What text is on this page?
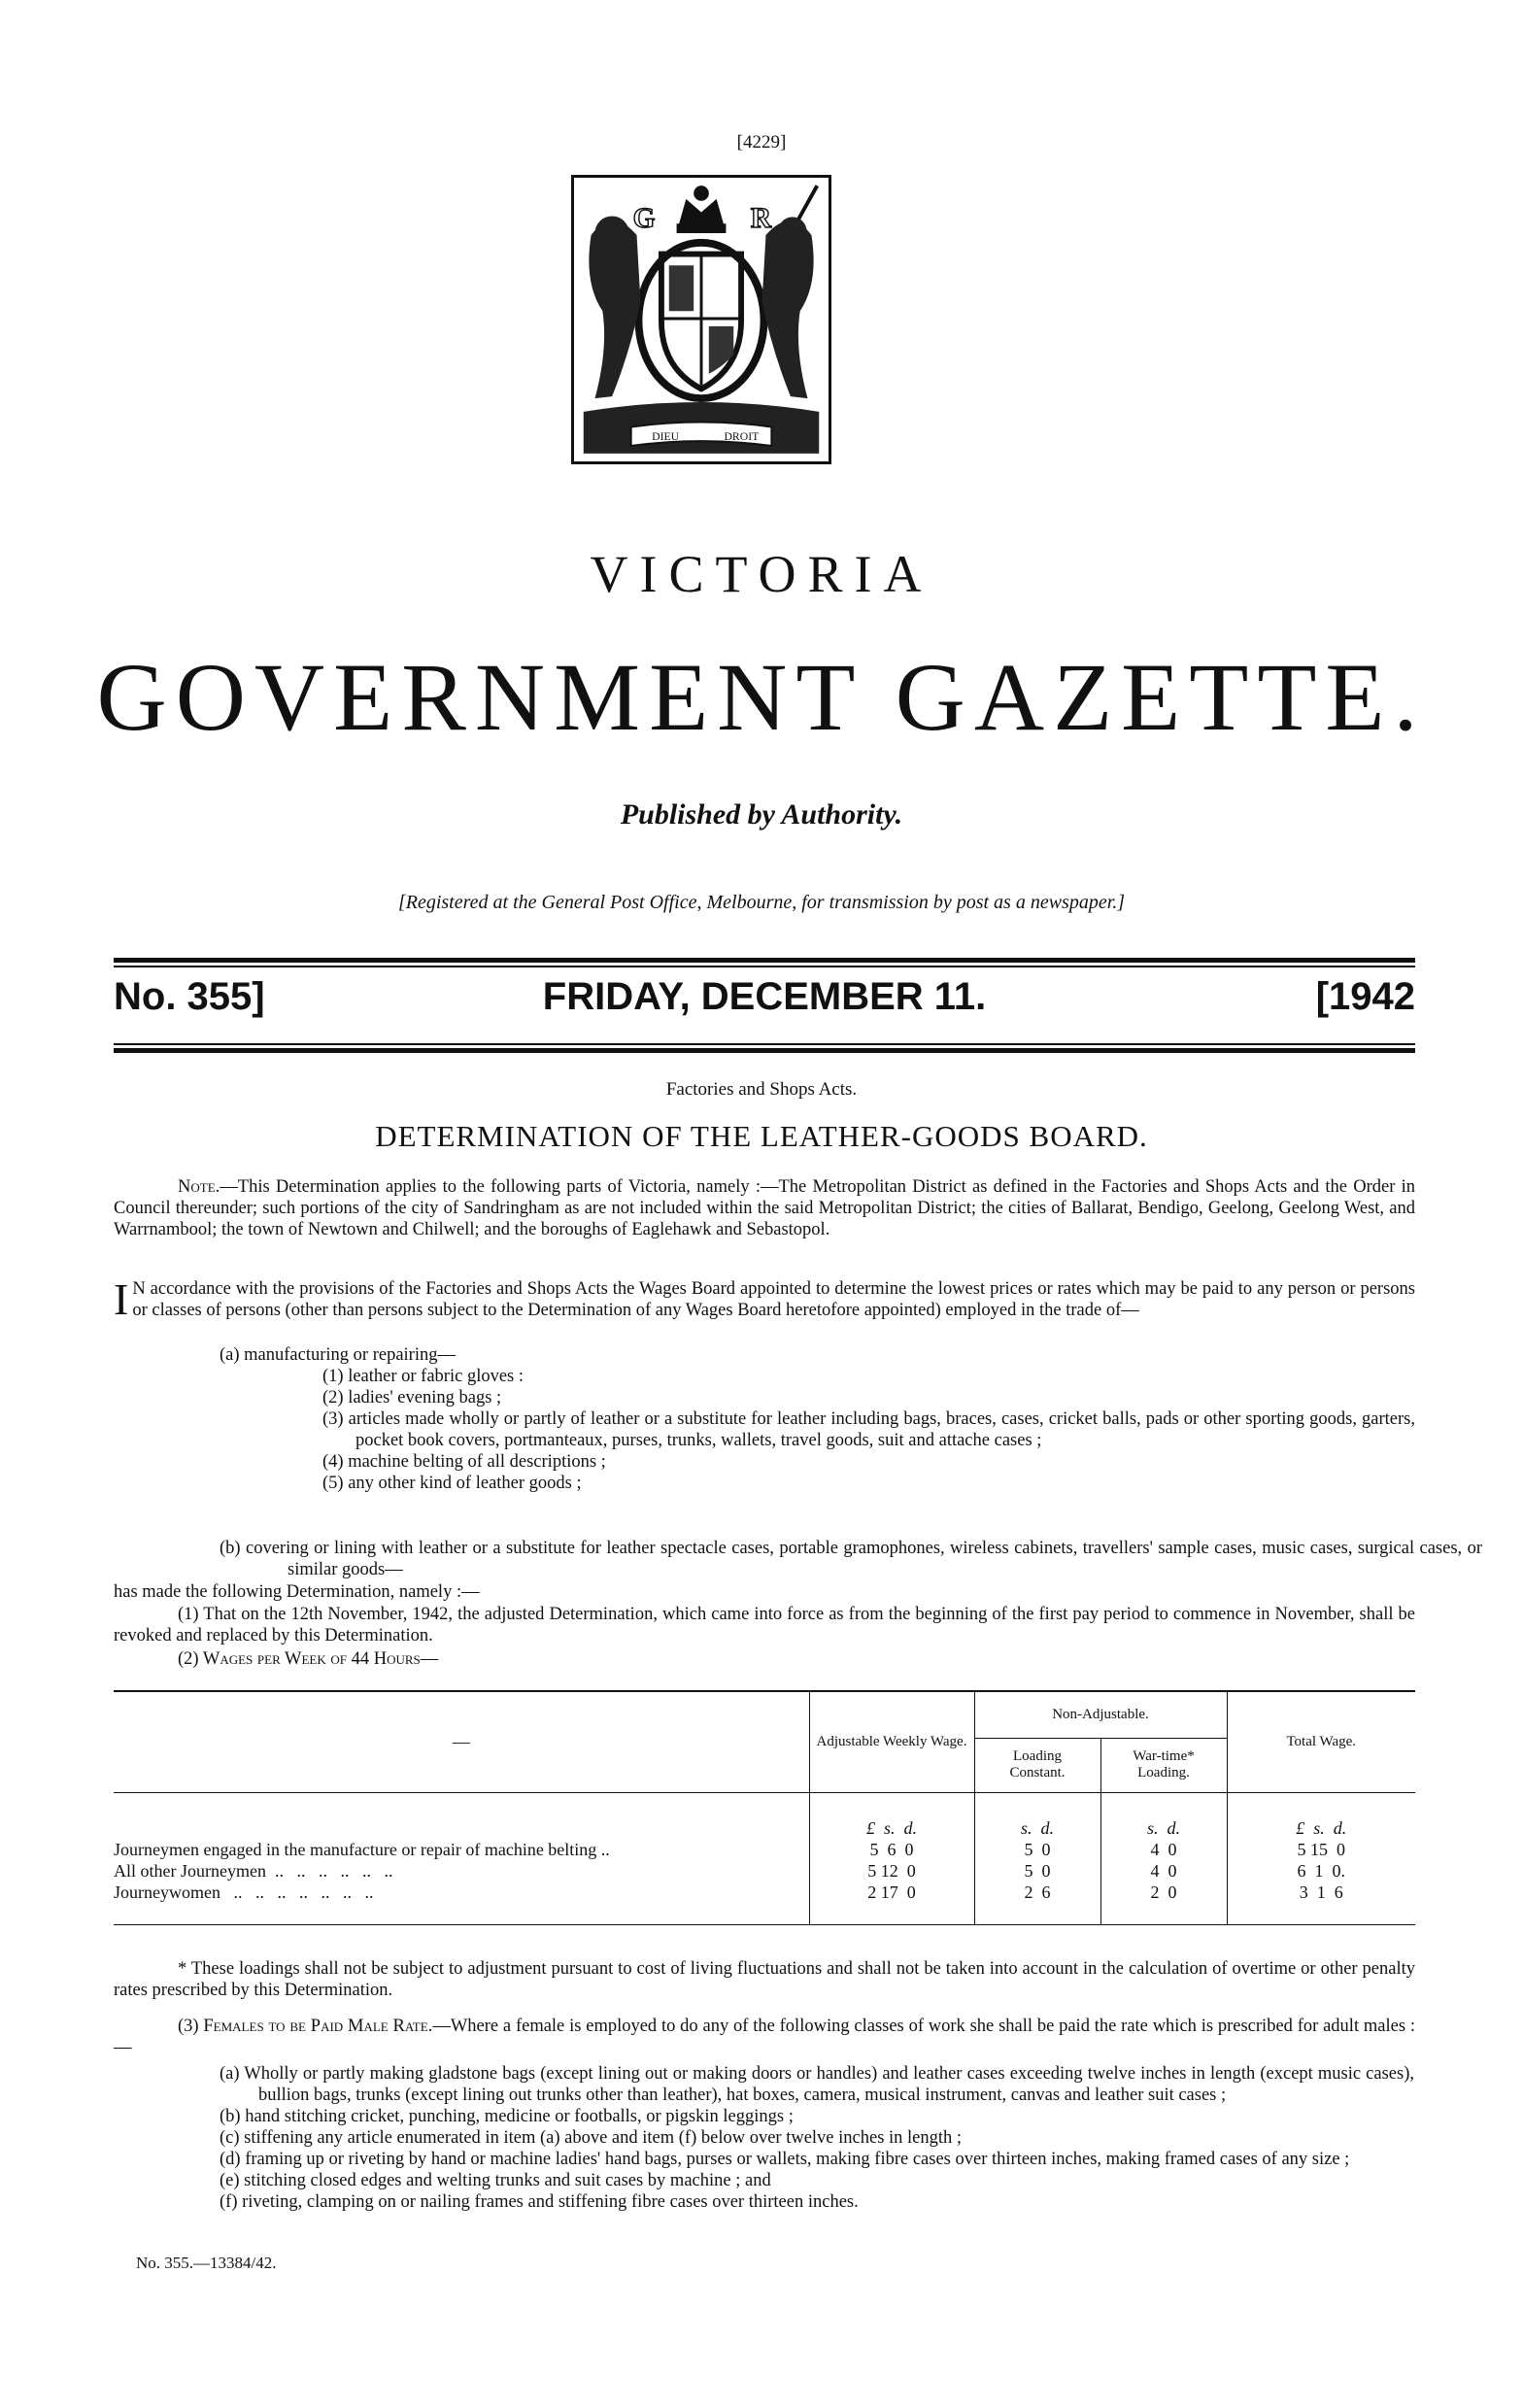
[4229]
G	R
DIEU	DROIT
VICTORIA
GOVERNMENT GAZETTE.
Published by Authority.
[Registered at the General Post Office, Melbourne, for transmission by post as a newspaper.]
No. 355]	FRIDAY, DECEMBER 11.	[1942
Factories and Shops Acts.
DETERMINATION OF THE LEATHER-GOODS BOARD.

Note.—This Determination applies to the following parts of Victoria, namely :—The Metropolitan District as defined in the Factories and Shops Acts and the Order in Council thereunder; such portions of the city of Sandringham as are not included within the said Metropolitan District; the cities of Ballarat, Bendigo, Geelong, Geelong West, and Warrnambool; the town of Newtown and Chilwell; and the boroughs of Eaglehawk and Sebastopol.

I N accordance with the provisions of the Factories and Shops Acts the Wages Board appointed to determine the lowest prices or rates which may be paid to any person or persons or classes of persons (other than persons subject to the Determination of any Wages Board heretofore appointed) employed in the trade of—

(a) manufacturing or repairing—
(1) leather or fabric gloves :
(2) ladies' evening bags ;
(3) articles made wholly or partly of leather or a substitute for leather including bags, braces, cases, cricket balls, pads or other sporting goods, garters, pocket book covers, portmanteaux, purses, trunks, wallets, travel goods, suit and attache cases ;
(4) machine belting of all descriptions ;
(5) any other kind of leather goods ;
(b) covering or lining with leather or a substitute for leather spectacle cases, portable gramophones, wireless cabinets, travellers' sample cases, music cases, surgical cases, or similar goods—
has made the following Determination, namely :—

(1) That on the 12th November, 1942, the adjusted Determination, which came into force as from the beginning of the first pay period to commence in November, shall be revoked and replaced by this Determination.

(2) Wages per Week of 44 Hours—
—	Adjustable Weekly Wage.	Non-Adjustable.		Total Wage.
		Loading Constant.	War-time* Loading.	
	£  s.  d.	s.  d.	s.  d.	£  s.  d.
Journeymen engaged in the manufacture or repair of machine belting ..	5  6  0	5  0	4  0	5 15  0
All other Journeymen  ..   ..   ..   ..   ..   ..	5 12  0	5  0	4  0	6  1  0.
Journeywomen   ..   ..   ..   ..   ..   ..   ..	2 17  0	2  6	2  0	3  1  6

* These loadings shall not be subject to adjustment pursuant to cost of living fluctuations and shall not be taken into account in the calculation of overtime or other penalty rates prescribed by this Determination.

(3) Females to be Paid Male Rate.—Where a female is employed to do any of the following classes of work she shall be paid the rate which is prescribed for adult males :—

(a) Wholly or partly making gladstone bags (except lining out or making doors or handles) and leather cases exceeding twelve inches in length (except music cases), bullion bags, trunks (except lining out trunks other than leather), hat boxes, camera, musical instrument, canvas and leather suit cases ;
(b) hand stitching cricket, punching, medicine or footballs, or pigskin leggings ;
(c) stiffening any article enumerated in item (a) above and item (f) below over twelve inches in length ;
(d) framing up or riveting by hand or machine ladies' hand bags, purses or wallets, making fibre cases over thirteen inches, making framed cases of any size ;
(e) stitching closed edges and welting trunks and suit cases by machine ; and
(f) riveting, clamping on or nailing frames and stiffening fibre cases over thirteen inches.
No. 355.—13384/42.
